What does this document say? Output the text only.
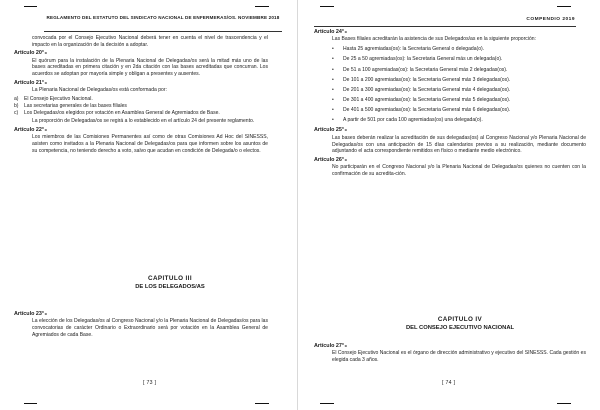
REGLAMENTO DEL ESTATUTO DEL SINDICATO NACIONAL DE ENFERMERAS/OS. NOVIEMBRE 2018

convocada por el Consejo Ejecutivo Nacional deberá tener en cuenta el nivel de trascendencia y el impacto en la organización de la decisión a adoptar.

Artículo 20°$^o$

El quórum para la instalación de la Plenaria Nacional de Delegadas/os será la mitad más uno de las bases acreditadas en primera citación y en 2da citación con las bases acreditadas que concurran. Los acuerdos se adoptan por mayoría simple y obligan a presentes y ausentes.

Artículo 21°$^o$

La Plenaria Nacional de Delegadas/os está conformada por:

a)	El Consejo Ejecutivo Nacional.
b)	Las secretarias generales de las bases filiales
c)	Los Delegadas/os elegidos por votación en Asamblea General de Agremiados de Base.

La proporción de Delegadas/os se regirá a lo establecido en el artículo 24 del presente reglamento.

Artículo 22°$^o$

Los miembros de las Comisiones Permanentes así como de otras Comisiones Ad Hoc del SINESSS, asisten como invitados a la Plenaria Nacional de Delegadas/os para que informen sobre los asuntos de su competencia, no teniendo derecho a voto, salvo que acudan en condición de Delegada/o o electos.

CAPITULO III
DE LOS DELEGADOS/AS
Artículo 23°$^o$

La elección de los Delegadas/os al Congreso Nacional y/o la Plenaria Nacional de Delegadas/os para las convocatorias de carácter Ordinario o Extraordinario será por votación en la Asamblea General de Agremiados de cada Base.

[ 73 ]
COMPENDIO 2019
Artículo 24°$^o$

Las Bases filiales acreditarán la asistencia de sus Delegados/as en la siguiente proporción:

•	Hasta 25 agremiadas(os): la Secretaria General o delegada(o).
•	De 25 a 50 agremiadas(os): la Secretaria General más un delegada(o).
•	De 51 a 100 agremiadas(os): la Secretaria General más 2 delegadas(os).
•	De 101 a 200 agremiadas(os): la Secretaria General más 3 delegadas(os).
•	De 201 a 300 agremiadas(os): la Secretaria General más 4 delegadas(os).
•	De 301 a 400 agremiadas(os): la Secretaria General más 5 delegadas(os).
•	De 401 a 500 agremiadas(os): la Secretaria General más 6 delegadas(os).
•	A partir de 501 por cada 100 agremiadas(os) una delegada(o).
Artículo 25°$^o$

Las bases deberán realizar la acreditación de sus delegadas(os) al Congreso Nacional y/o Plenaria Nacional de Delegadas/os con una anticipación de 15 días calendarios previos a su realización, mediante documento adjuntando el acta correspondiente remitidos en físico o mediante medio electrónico.

Artículo 26°$^o$

No participarán en el Congreso Nacional y/o la Plenaria Nacional de Delegadas/os quienes no cuenten con la confirmación de su acredita-ción.

CAPITULO IV
DEL CONSEJO EJECUTIVO NACIONAL
Artículo 27°$^o$

El Consejo Ejecutivo Nacional es el órgano de dirección administrativo y ejecutivo del SINESSS. Cada gestión es elegida cada 3 años.

[ 74 ]
